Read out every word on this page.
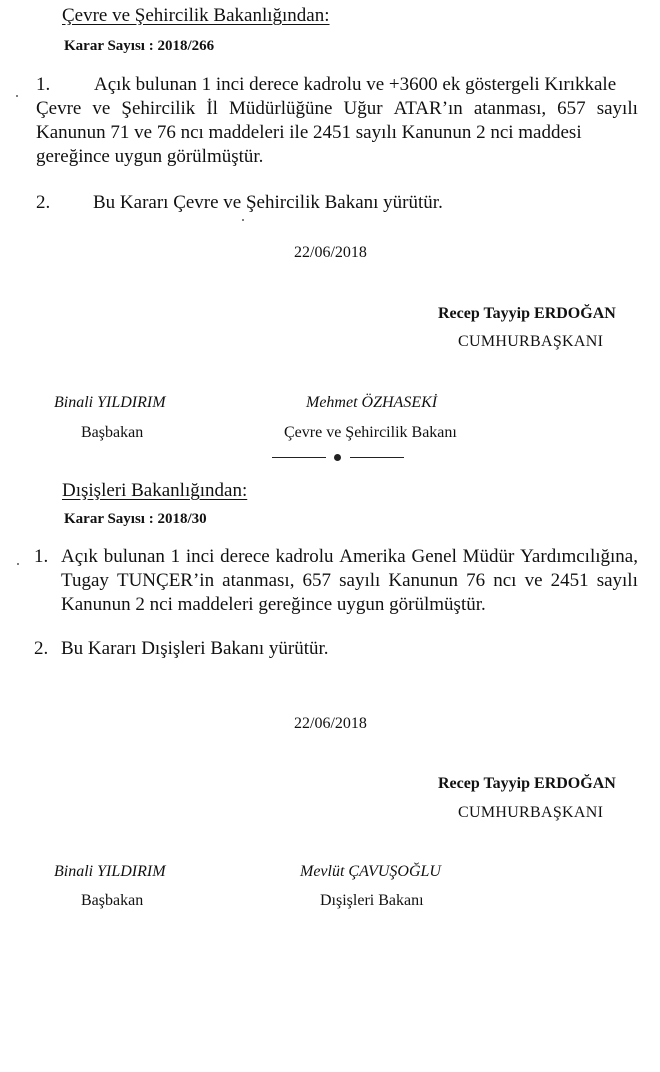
Çevre ve Şehircilik Bakanlığından:
Karar Sayısı : 2018/266
1. Açık bulunan 1 inci derece kadrolu ve +3600 ek göstergeli Kırıkkale
Çevre ve Şehircilik İl Müdürlüğüne Uğur ATAR’ın atanması, 657 sayılı
Kanunun 71 ve 76 ncı maddeleri ile 2451 sayılı Kanunun 2 nci maddesi
gereğince uygun görülmüştür.
2. Bu Kararı Çevre ve Şehircilik Bakanı yürütür.
22/06/2018
Recep Tayyip ERDOĞAN
CUMHURBAŞKANI
Binali YILDIRIM
Başbakan
Mehmet ÖZHASEKİ
Çevre ve Şehircilik Bakanı
Dışişleri Bakanlığından:
Karar Sayısı : 2018/30
1. Açık bulunan 1 inci derece kadrolu Amerika Genel Müdür Yardımcılığına,
Tugay TUNÇER’in atanması, 657 sayılı Kanunun 76 ncı ve 2451 sayılı
Kanunun 2 nci maddeleri gereğince uygun görülmüştür.
2. Bu Kararı Dışişleri Bakanı yürütür.
22/06/2018
Recep Tayyip ERDOĞAN
CUMHURBAŞKANI
Binali YILDIRIM
Başbakan
Mevlüt ÇAVUŞOĞLU
Dışişleri Bakanı
